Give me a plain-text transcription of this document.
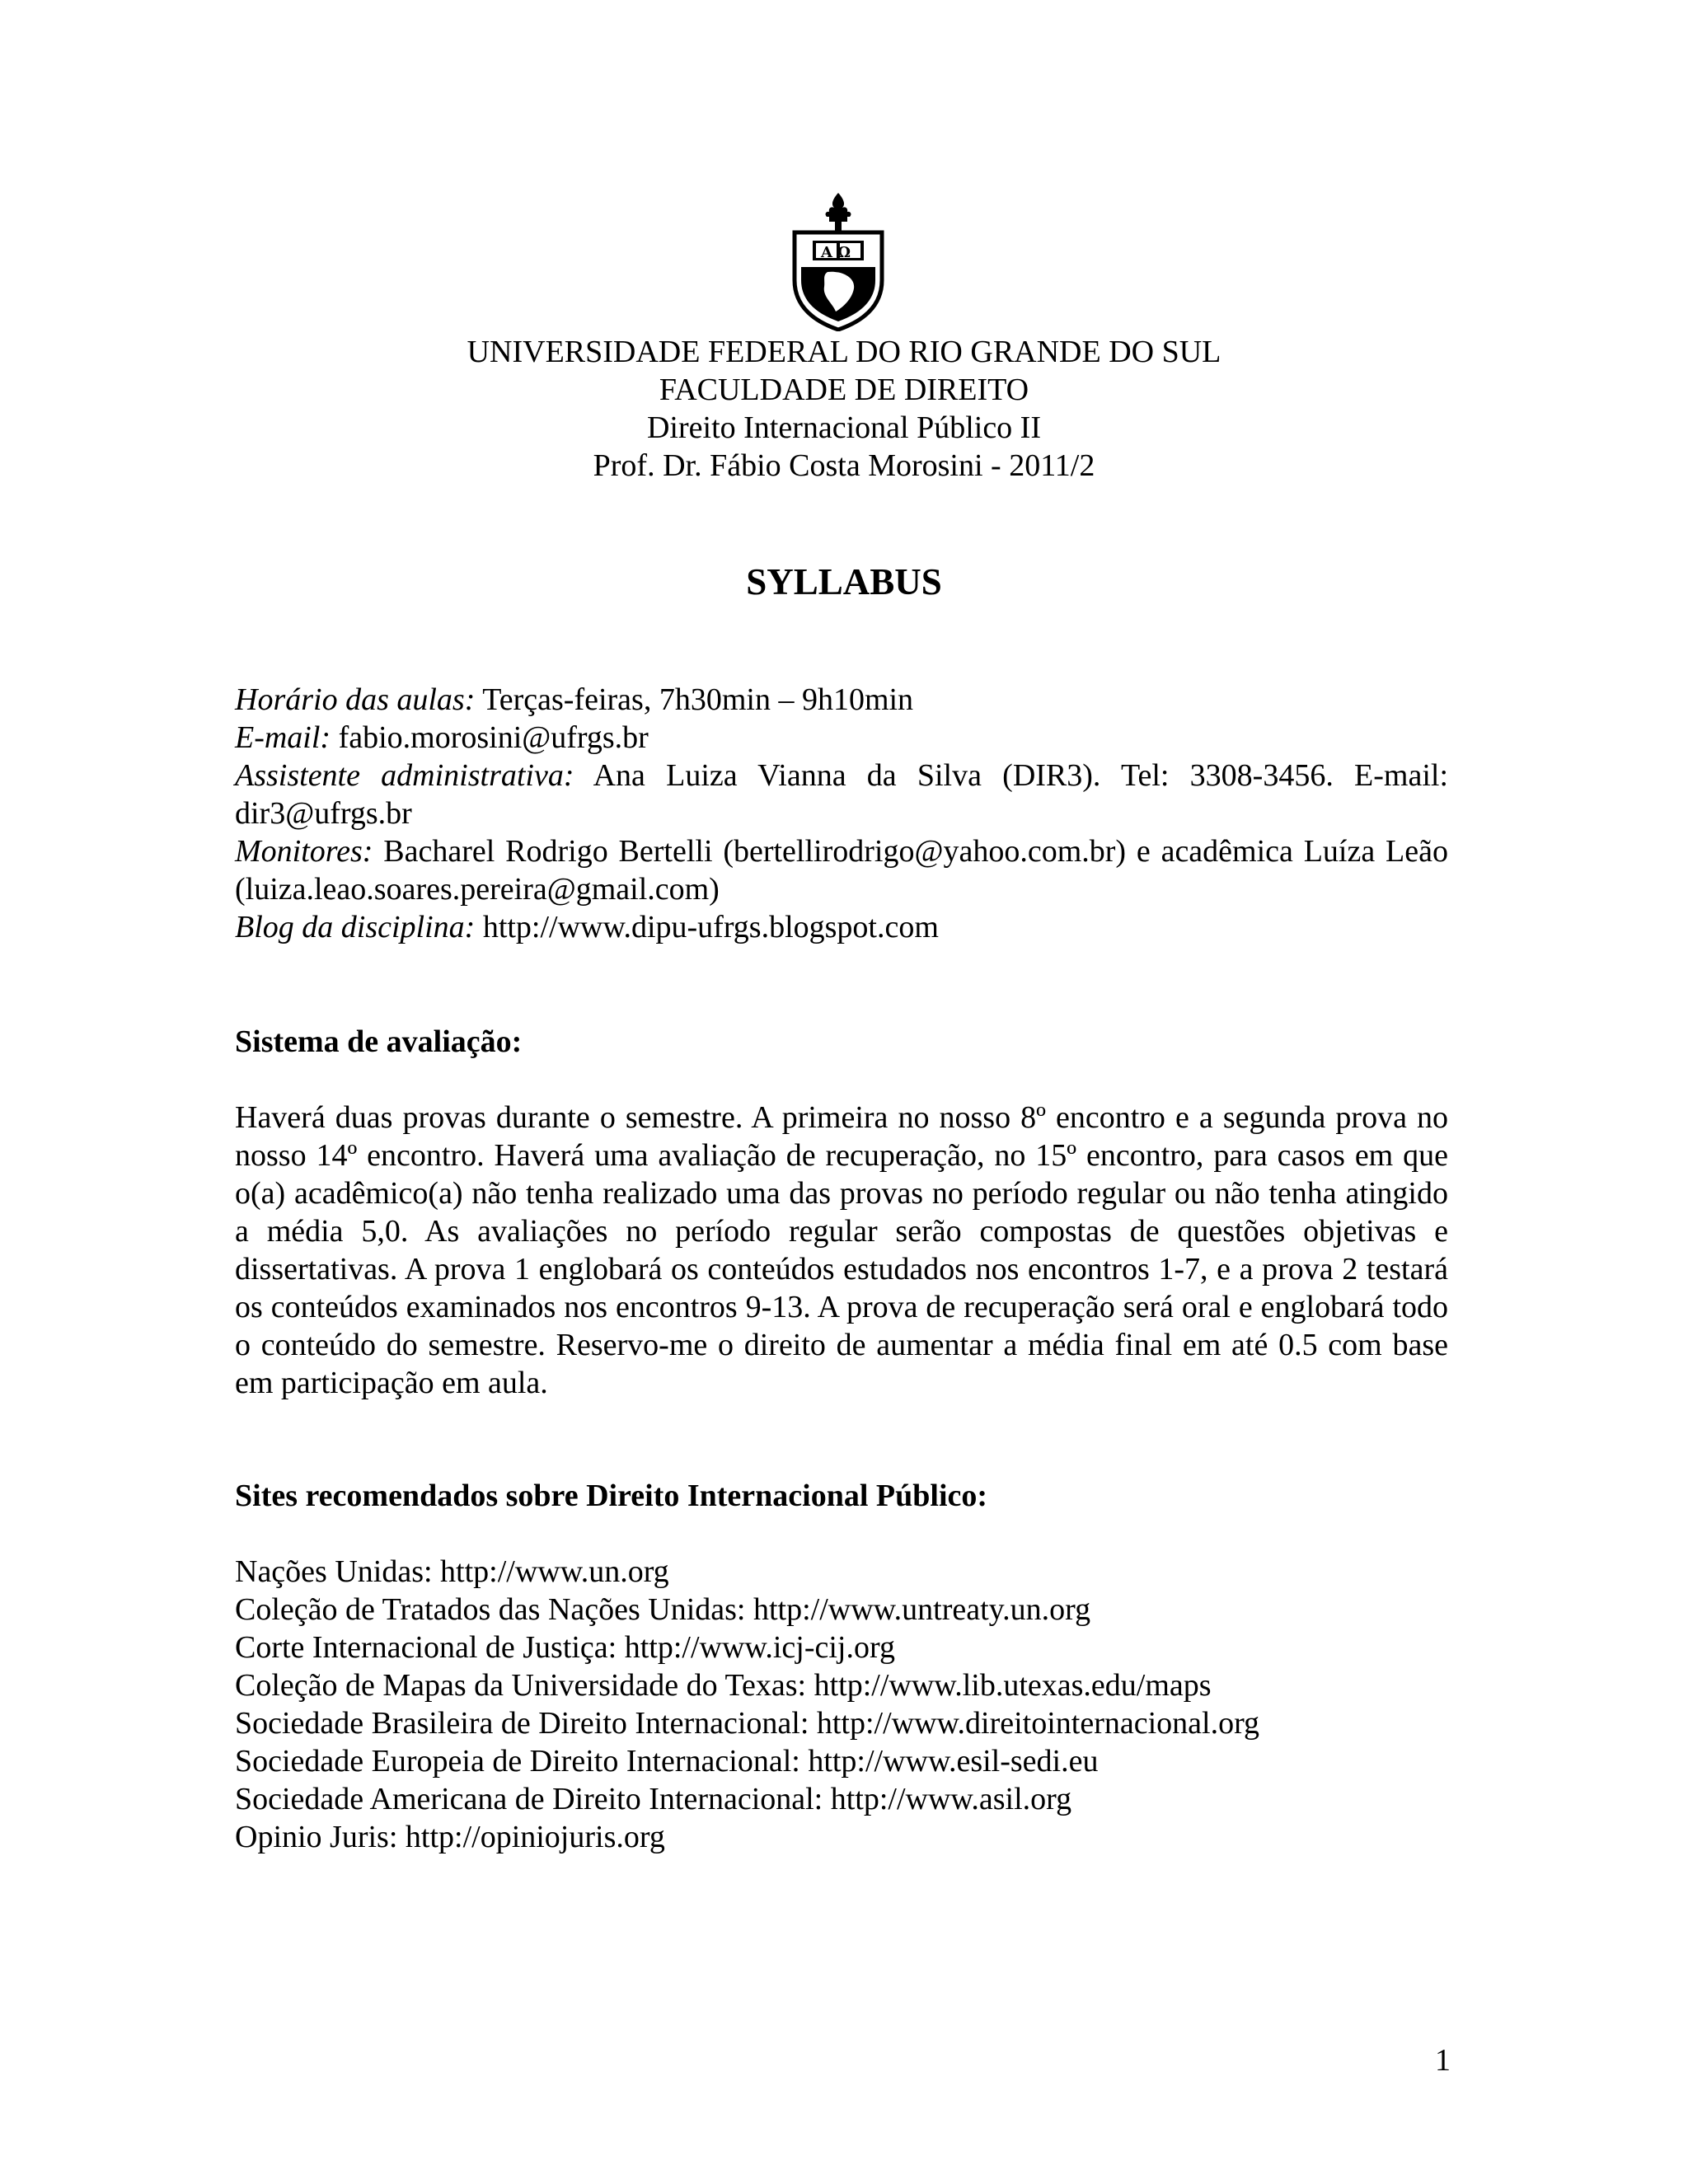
AΩ
UNIVERSIDADE FEDERAL DO RIO GRANDE DO SUL
FACULDADE DE DIREITO
Direito Internacional Público II
Prof. Dr. Fábio Costa Morosini - 2011/2
SYLLABUS

Horário das aulas: Terças-feiras, 7h30min – 9h10min

E-mail: fabio.morosini@ufrgs.br

Assistente administrativa: Ana Luiza Vianna da Silva (DIR3). Tel: 3308-3456. E-mail: dir3@ufrgs.br

Monitores: Bacharel Rodrigo Bertelli (bertellirodrigo@yahoo.com.br) e acadêmica Luíza Leão (luiza.leao.soares.pereira@gmail.com)

Blog da disciplina: http://www.dipu-ufrgs.blogspot.com

Sistema de avaliação:

Haverá duas provas durante o semestre. A primeira no nosso 8º encontro e a segunda prova no nosso 14º encontro. Haverá uma avaliação de recuperação, no 15º encontro, para casos em que o(a) acadêmico(a) não tenha realizado uma das provas no período regular ou não tenha atingido a média 5,0. As avaliações no período regular serão compostas de questões objetivas e dissertativas. A prova 1 englobará os conteúdos estudados nos encontros 1-7, e a prova 2 testará os conteúdos examinados nos encontros 9-13. A prova de recuperação será oral e englobará todo o conteúdo do semestre. Reservo-me o direito de aumentar a média final em até 0.5 com base em participação em aula.

Sites recomendados sobre Direito Internacional Público:
Nações Unidas: http://www.un.org
Coleção de Tratados das Nações Unidas: http://www.untreaty.un.org
Corte Internacional de Justiça: http://www.icj-cij.org
Coleção de Mapas da Universidade do Texas: http://www.lib.utexas.edu/maps
Sociedade Brasileira de Direito Internacional: http://www.direitointernacional.org
Sociedade Europeia de Direito Internacional: http://www.esil-sedi.eu
Sociedade Americana de Direito Internacional: http://www.asil.org
Opinio Juris: http://opiniojuris.org
1
